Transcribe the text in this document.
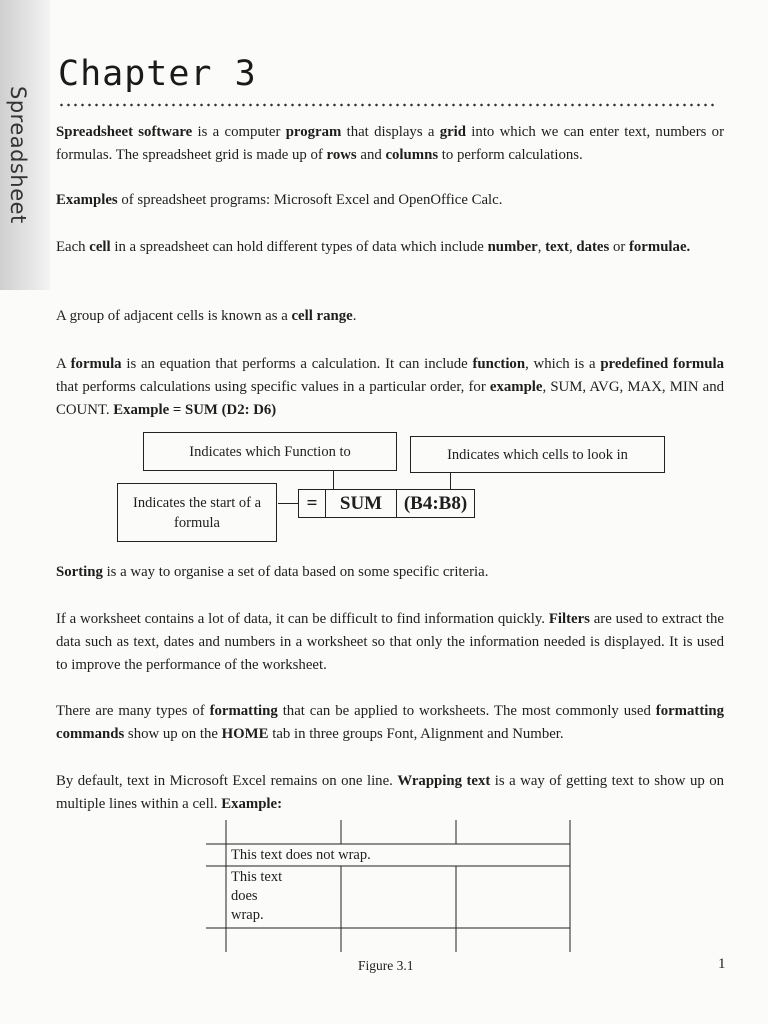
Spreadsheet
Chapter 3

Spreadsheet software is a computer program that displays a grid into which we can enter text, numbers or formulas. The spreadsheet grid is made up of rows and columns to perform calculations.

Examples of spreadsheet programs: Microsoft Excel and OpenOffice Calc.

Each cell in a spreadsheet can hold different types of data which include number, text, dates or formulae.

A group of adjacent cells is known as a cell range.

A formula is an equation that performs a calculation. It can include function, which is a predefined formula that performs calculations using specific values in a particular order, for example, SUM, AVG, MAX, MIN and COUNT. Example = SUM (D2: D6)

Indicates which Function to	Indicates which cells to look in
Indicates the start of a formula
=	SUM	(B4:B8)

Sorting is a way to organise a set of data based on some specific criteria.

If a worksheet contains a lot of data, it can be difficult to find information quickly. Filters are used to extract the data such as text, dates and numbers in a worksheet so that only the information needed is displayed. It is used to improve the performance of the worksheet.

There are many types of formatting that can be applied to worksheets. The most commonly used formatting commands show up on the HOME tab in three groups Font, Alignment and Number.

By default, text in Microsoft Excel remains on one line. Wrapping text is a way of getting text to show up on multiple lines within a cell. Example:

This text does not wrap.
This text
does
wrap.
Figure 3.1	1
